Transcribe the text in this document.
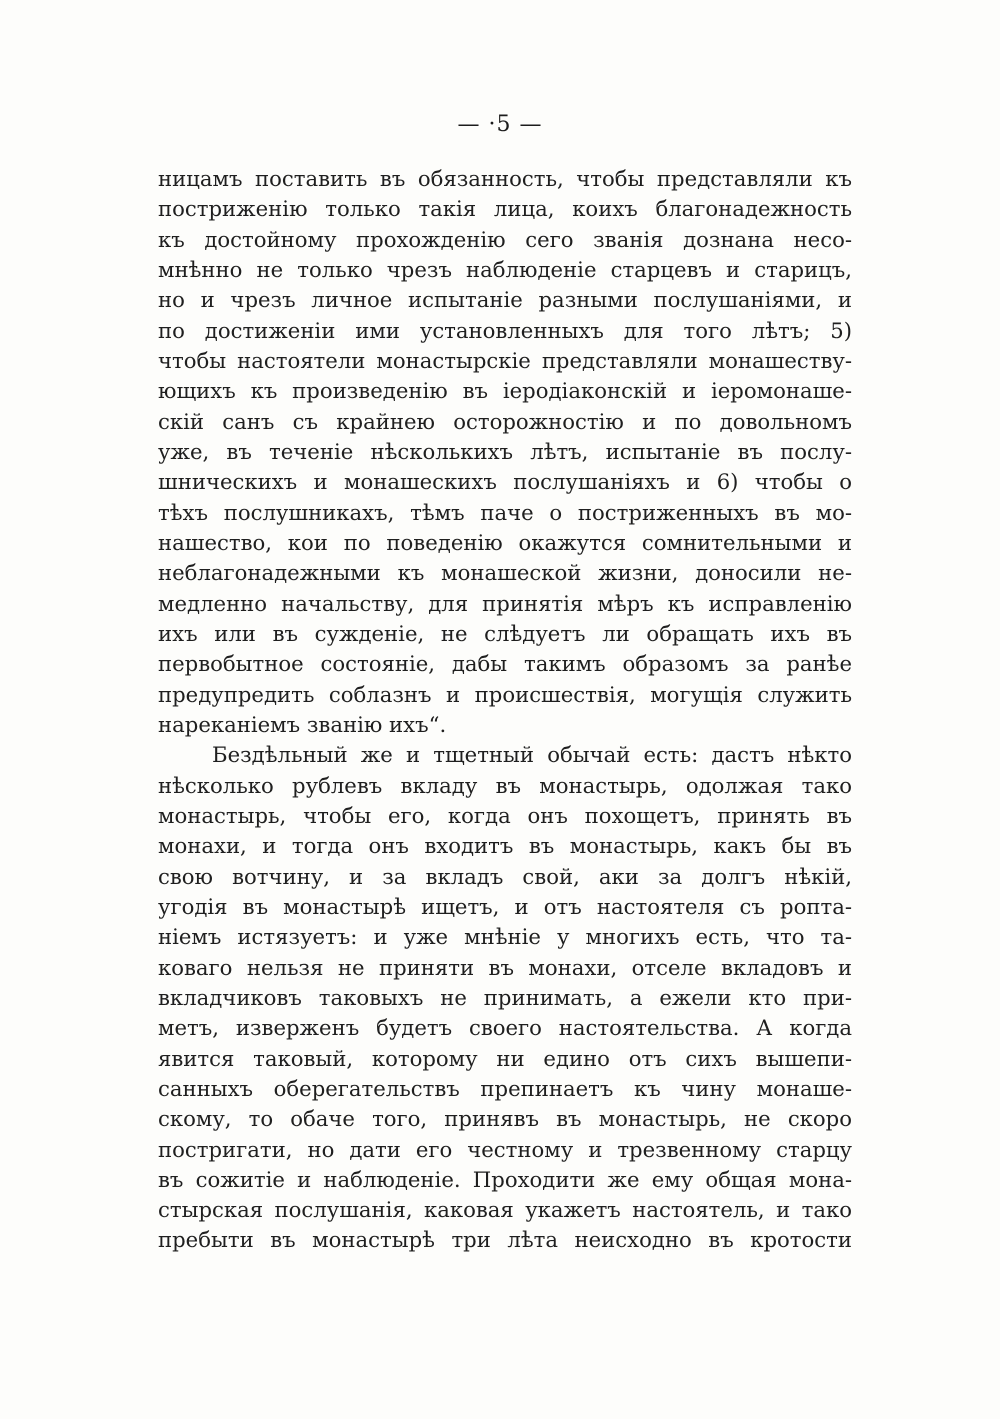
— ·5 —
ницамъ поставить въ обязанность, чтобы представляли къ
постриженію только такія лица, коихъ благонадежность
къ достойному прохожденію сего званія дознана несо-
мнѣнно не только чрезъ наблюденіе старцевъ и старицъ,
но и чрезъ личное испытаніе разными послушаніями, и
по достиженіи ими установленныхъ для того лѣтъ; 5)
чтобы настоятели монастырскіе представляли монашеству-
ющихъ къ произведенію въ іеродіаконскій и іеромонаше-
скій санъ съ крайнею осторожностію и по довольномъ
уже, въ теченіе нѣсколькихъ лѣтъ, испытаніе въ послу-
шническихъ и монашескихъ послушаніяхъ и 6) чтобы о
тѣхъ послушникахъ, тѣмъ паче о постриженныхъ въ мо-
нашество, кои по поведенію окажутся сомнительными и
неблагонадежными къ монашеской жизни, доносили не-
медленно начальству, для принятія мѣръ къ исправленію
ихъ или въ сужденіе, не слѣдуетъ ли обращать ихъ въ
первобытное состояніе, дабы такимъ образомъ за ранѣе
предупредить соблазнъ и происшествія, могущія служить
нареканіемъ званію ихъ“.
Бездѣльный же и тщетный обычай есть: дастъ нѣкто
нѣсколько рублевъ вкладу въ монастырь, одолжая тако
монастырь, чтобы его, когда онъ похощетъ, принять въ
монахи, и тогда онъ входитъ въ монастырь, какъ бы въ
свою вотчину, и за вкладъ свой, аки за долгъ нѣкій,
угодія въ монастырѣ ищетъ, и отъ настоятеля съ ропта-
ніемъ истязуетъ: и уже мнѣніе у многихъ есть, что та-
коваго нельзя не приняти въ монахи, отселе вкладовъ и
вкладчиковъ таковыхъ не принимать, а ежели кто при-
метъ, изверженъ будетъ своего настоятельства. А когда
явится таковый, которому ни едино отъ сихъ вышепи-
санныхъ оберегательствъ препинаетъ къ чину монаше-
скому, то обаче того, принявъ въ монастырь, не скоро
постригати, но дати его честному и трезвенному старцу
въ сожитіе и наблюденіе. Проходити же ему общая мона-
стырская послушанія, каковая укажетъ настоятель, и тако
пребыти въ монастырѣ три лѣта неисходно въ кротости
